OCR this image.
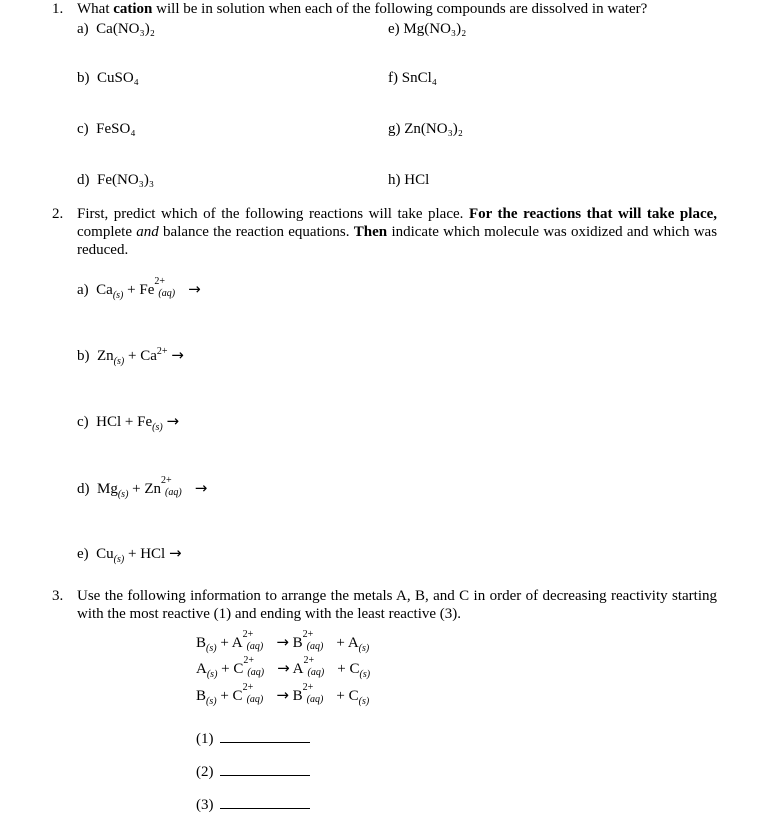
1. What cation will be in solution when each of the following compounds are dissolved in water?
a) Ca(NO₃)₂	e) Mg(NO₃)₂
b) CuSO₄	f) SnCl₄
c) FeSO₄	g) Zn(NO₃)₂
d) Fe(NO₃)₃	h) HCl
2. First, predict which of the following reactions will take place. For the reactions that will take place, complete and balance the reaction equations. Then indicate which molecule was oxidized and which was reduced.
a) $Ca_{(s)} + Fe$
2+
(aq) →
b) $Zn_{(s)} + Ca^{2+}$ →
c) HCl + $Fe_{(s)}$ →
d) $Mg_{(s)} + Zn$
2+
(aq) →
e) $Cu_{(s)}$ + HCl →
3. Use the following information to arrange the metals A, B, and C in order of decreasing reactivity starting with the most reactive (1) and ending with the least reactive (3).
$B_{(s)} + A$
2+
(aq) → B
2+
$(aq) + A_{(s)}$
$A_{(s)} + C$
2+
(aq) → A
2+
$(aq) + C_{(s)}$
$B_{(s)} + C$
2+
(aq) → B
2+
$(aq) + C_{(s)}$
(1)
(2)
(3)
